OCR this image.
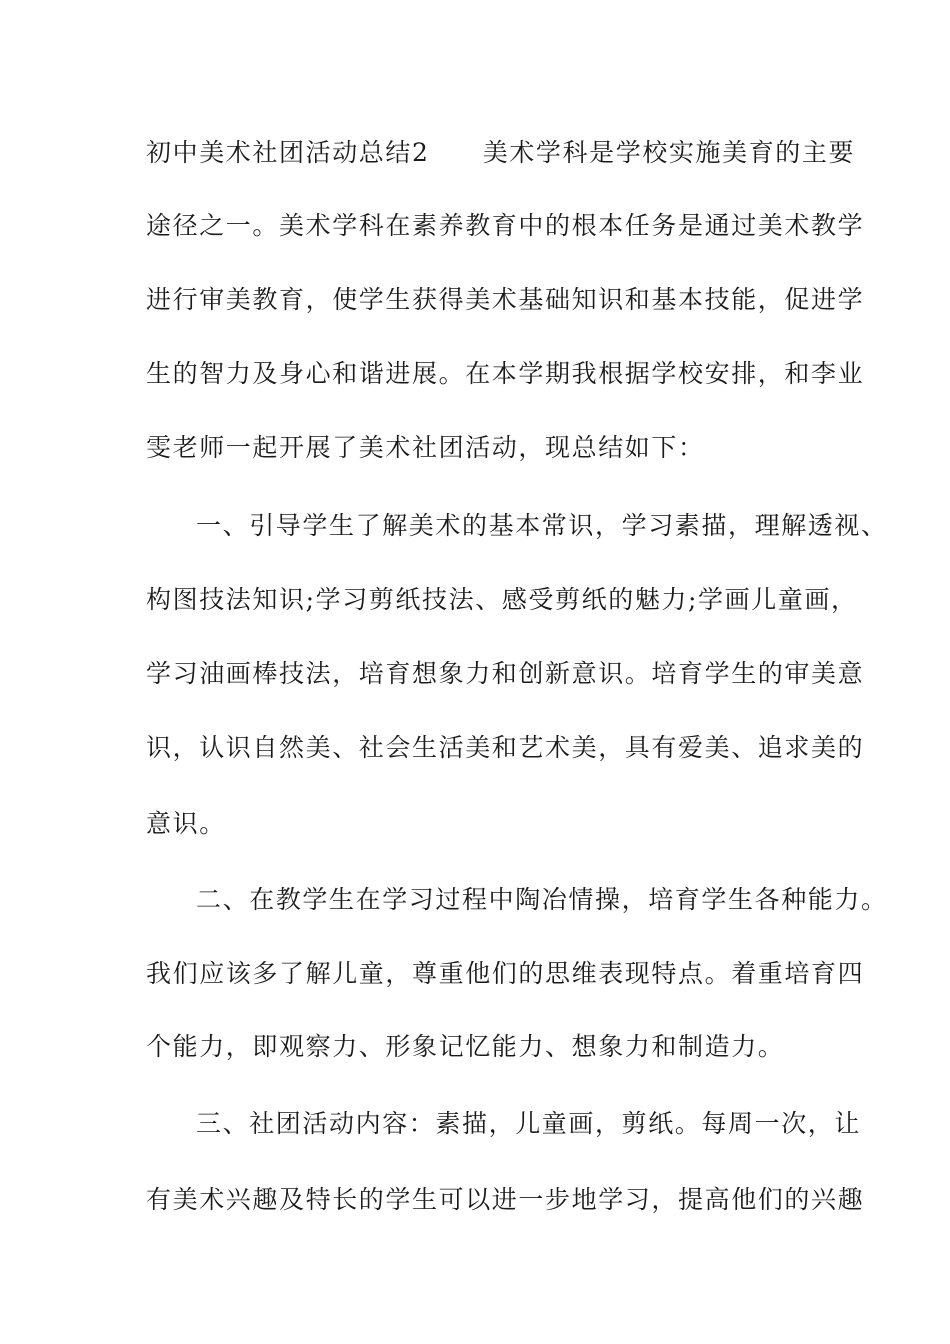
初中美术社团活动总结2　　美术学科是学校实施美育的主要
途径之一。美术学科在素养教育中的根本任务是通过美术教学
进行审美教育，使学生获得美术基础知识和基本技能，促进学
生的智力及身心和谐进展。在本学期我根据学校安排，和李业
雯老师一起开展了美术社团活动，现总结如下：
一、引导学生了解美术的基本常识，学习素描，理解透视、
构图技法知识;学习剪纸技法、感受剪纸的魅力;学画儿童画，
学习油画棒技法，培育想象力和创新意识。培育学生的审美意
识，认识自然美、社会生活美和艺术美，具有爱美、追求美的
意识。
二、在教学生在学习过程中陶冶情操，培育学生各种能力。
我们应该多了解儿童，尊重他们的思维表现特点。着重培育四
个能力，即观察力、形象记忆能力、想象力和制造力。
三、社团活动内容：素描，儿童画，剪纸。每周一次，让
有美术兴趣及特长的学生可以进一步地学习，提高他们的兴趣
